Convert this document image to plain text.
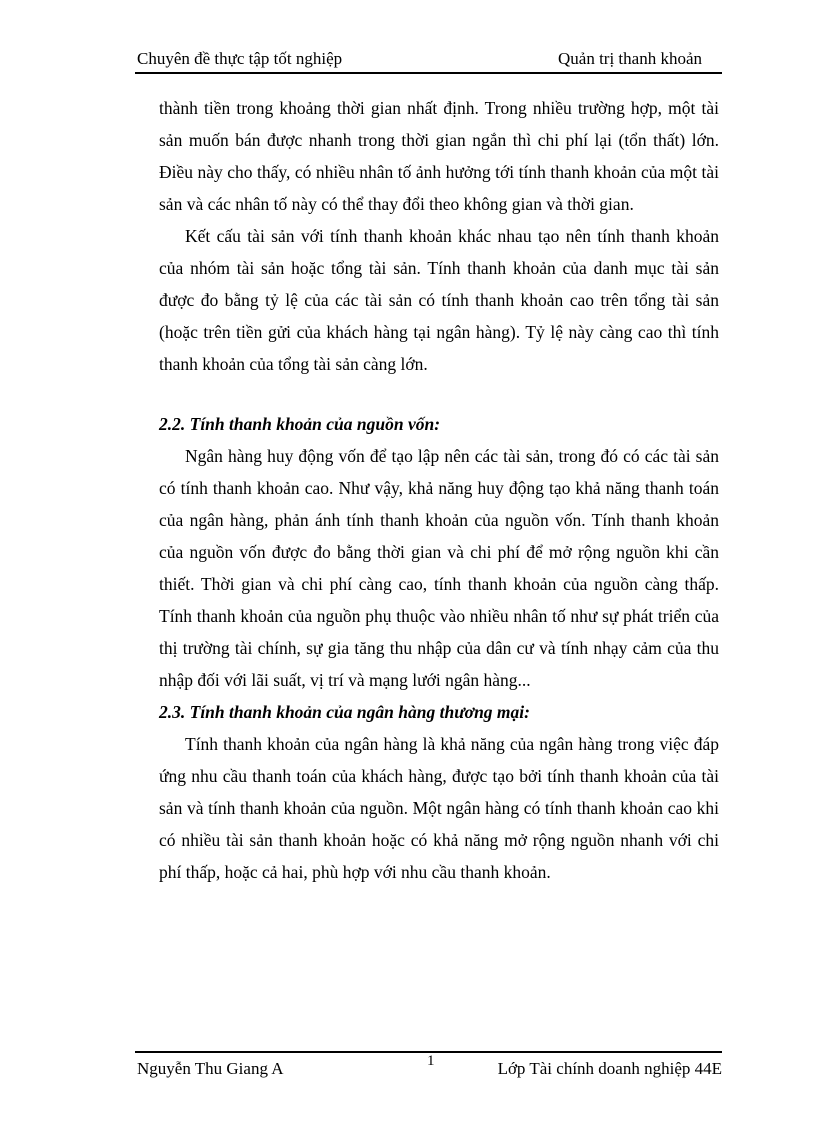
Chuyên đề thực tập tốt nghiệp	Quản trị thanh khoản

thành tiền trong khoảng thời gian nhất định. Trong nhiều trường hợp, một tài sản muốn bán được nhanh trong thời gian ngắn thì chi phí lại (tổn thất) lớn. Điều này cho thấy, có nhiều nhân tố ảnh hưởng tới tính thanh khoản của một tài sản và các nhân tố này có thể thay đổi theo không gian và thời gian.

Kết cấu tài sản với tính thanh khoản khác nhau tạo nên tính thanh khoản của nhóm tài sản hoặc tổng tài sản. Tính thanh khoản của danh mục tài sản được đo bằng tỷ lệ của các tài sản có tính thanh khoản cao trên tổng tài sản (hoặc trên tiền gửi của khách hàng tại ngân hàng). Tỷ lệ này càng cao thì tính thanh khoản của tổng tài sản càng lớn.

2.2. Tính thanh khoản của nguồn vốn:

Ngân hàng huy động vốn để tạo lập nên các tài sản, trong đó có các tài sản có tính thanh khoản cao. Như vậy, khả năng huy động tạo khả năng thanh toán của ngân hàng, phản ánh tính thanh khoản của nguồn vốn. Tính thanh khoản của nguồn vốn được đo bằng thời gian và chi phí để mở rộng nguồn khi cần thiết. Thời gian và chi phí càng cao, tính thanh khoản của nguồn càng thấp. Tính thanh khoản của nguồn phụ thuộc vào nhiều nhân tố như sự phát triển của thị trường tài chính, sự gia tăng thu nhập của dân cư và tính nhạy cảm của thu nhập đối với lãi suất, vị trí và mạng lưới ngân hàng...

2.3. Tính thanh khoản của ngân hàng thương mại:

Tính thanh khoản của ngân hàng là khả năng của ngân hàng trong việc đáp ứng nhu cầu thanh toán của khách hàng, được tạo bởi tính thanh khoản của tài sản và tính thanh khoản của nguồn. Một ngân hàng có tính thanh khoản cao khi có nhiều tài sản thanh khoản hoặc có khả năng mở rộng nguồn nhanh với chi phí thấp, hoặc cả hai, phù hợp với nhu cầu thanh khoản.

Nguyễn Thu Giang A	1	Lớp Tài chính doanh nghiệp 44E
